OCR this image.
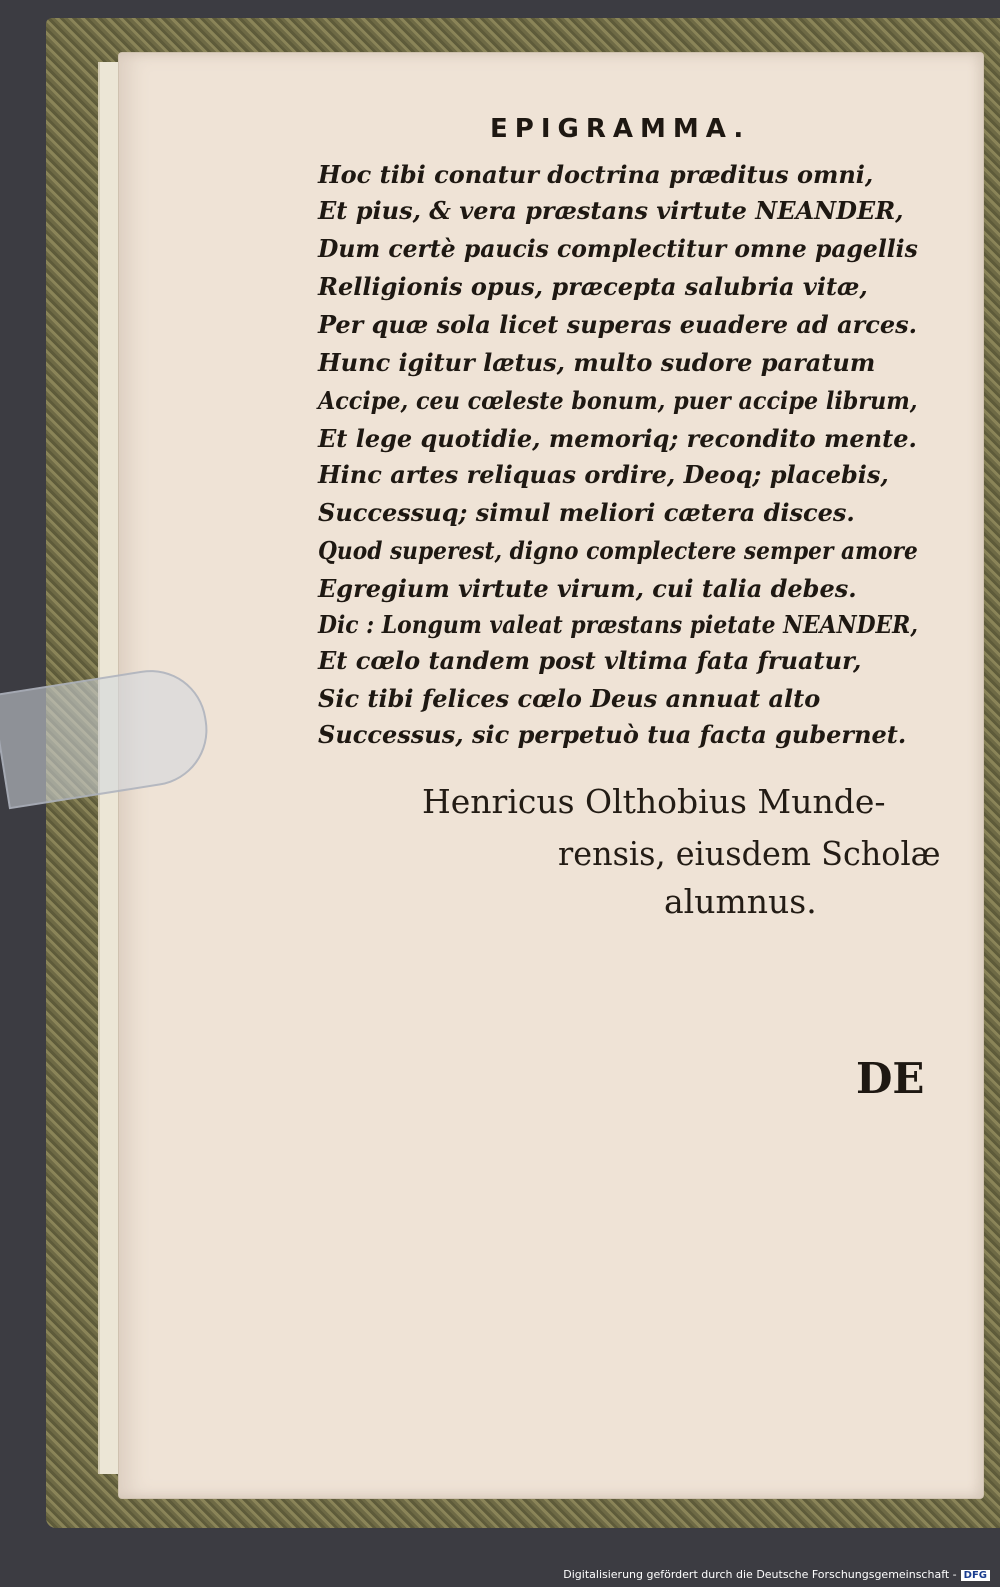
EPIGRAMMA.
Hoc tibi conatur doctrina præditus omni,
Et pius, & vera præstans virtute NEANDER,
Dum certè paucis complectitur omne pagellis
Relligionis opus, præcepta salubria vitæ,
Per quæ sola licet superas euadere ad arces.
Hunc igitur lætus, multo sudore paratum
Accipe, ceu cœleste bonum, puer accipe librum,
Et lege quotidie, memoriq; recondito mente.
Hinc artes reliquas ordire, Deoq; placebis,
Successuq; simul meliori cætera disces.
Quod superest, digno complectere semper amore
Egregium virtute virum, cui talia debes.
Dic : Longum valeat præstans pietate NEANDER,
Et cœlo tandem post vltima fata fruatur,
Sic tibi felices cœlo Deus annuat alto
Successus, sic perpetuò tua facta gubernet.
Henricus Olthobius Munde-
rensis, eiusdem Scholæ
alumnus.
DE
Digitalisierung gefördert durch die Deutsche Forschungsgemeinschaft - DFG
